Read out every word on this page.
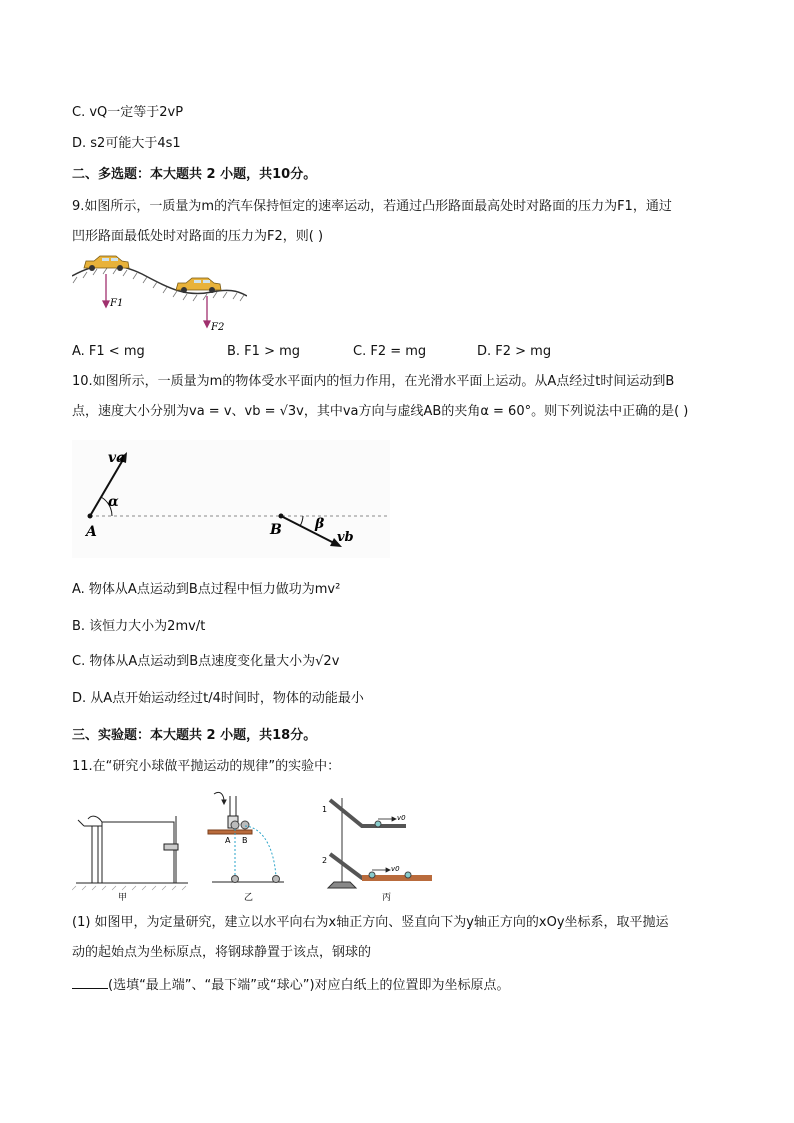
C. vQ一定等于2vP
D. s2可能大于4s1
二、多选题：本大题共 2 小题，共10分。
9.如图所示，一质量为m的汽车保持恒定的速率运动，若通过凸形路面最高处时对路面的压力为F1，通过
凹形路面最低处时对路面的压力为F2，则( )
F1
F2
A. F1 < mg	B. F1 > mg	C. F2 = mg	D. F2 > mg
10.如图所示，一质量为m的物体受水平面内的恒力作用，在光滑水平面上运动。从A点经过t时间运动到B
点，速度大小分别为va = v、vb = √3v，其中va方向与虚线AB的夹角α = 60°。则下列说法中正确的是( )
va
α
A	B β
vb
A. 物体从A点运动到B点过程中恒力做功为mv²
B. 该恒力大小为2mv/t
C. 物体从A点运动到B点速度变化量大小为√2v
D. 从A点开始运动经过t/4时间时，物体的动能最小
三、实验题：本大题共 2 小题，共18分。
11.在“研究小球做平抛运动的规律”的实验中：
甲
A B
乙
1
2
v0
v0
丙
(1) 如图甲，为定量研究，建立以水平向右为x轴正方向、竖直向下为y轴正方向的xOy坐标系，取平抛运
动的起始点为坐标原点，将钢球静置于该点，钢球的
(选填“最上端”、“最下端”或“球心”)对应白纸上的位置即为坐标原点。
